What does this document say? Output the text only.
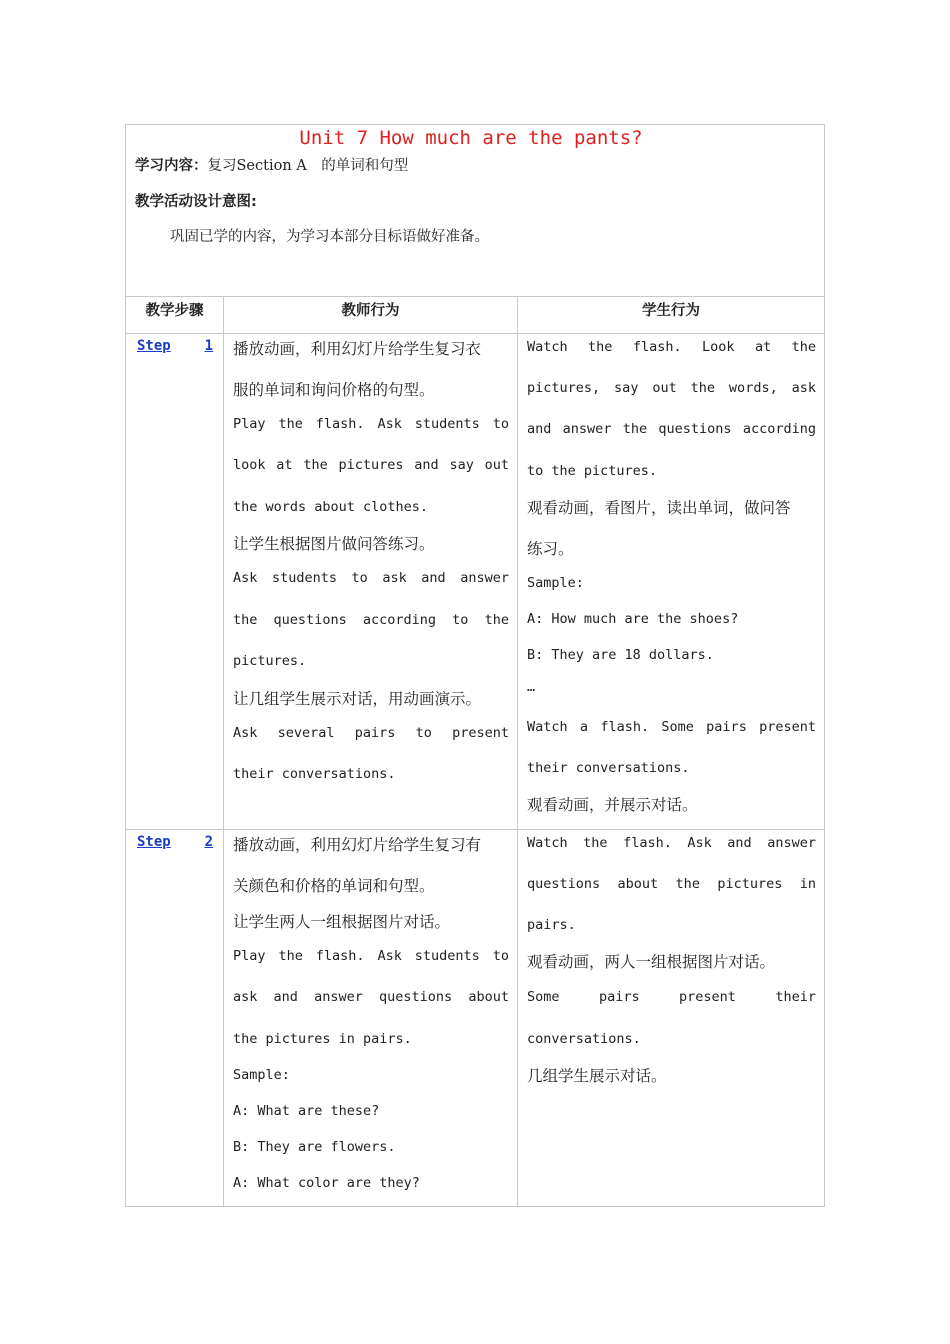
Unit 7 How much are the pants?
学习内容：复习Section A　的单词和句型
教学活动设计意图:
巩固已学的内容，为学习本部分目标语做好准备。
教学步骤	教师行为	学生行为
Step 1 播放动画，利用幻灯片给学生复习衣
服的单词和询问价格的句型。
Play the flash. Ask students to
look at the pictures and say out
the words about clothes.
让学生根据图片做问答练习。
Ask students to ask and answer
the questions according to the
pictures.
让几组学生展示对话，用动画演示。
Ask several pairs to present
their conversations.
Watch the flash. Look at the
pictures, say out the words, ask
and answer the questions according
to the pictures.
观看动画，看图片，读出单词，做问答
练习。
Sample:
A: How much are the shoes?
B: They are 18 dollars.
…
Watch a flash. Some pairs present
their conversations.
观看动画，并展示对话。
Step 2 播放动画，利用幻灯片给学生复习有
关颜色和价格的单词和句型。
让学生两人一组根据图片对话。
Play the flash. Ask students to
ask and answer questions about
the pictures in pairs.
Sample:
A: What are these?
B: They are flowers.
A: What color are they?
Watch the flash. Ask and answer
questions about the pictures in
pairs.
观看动画，两人一组根据图片对话。
Some pairs present their
conversations.
几组学生展示对话。
